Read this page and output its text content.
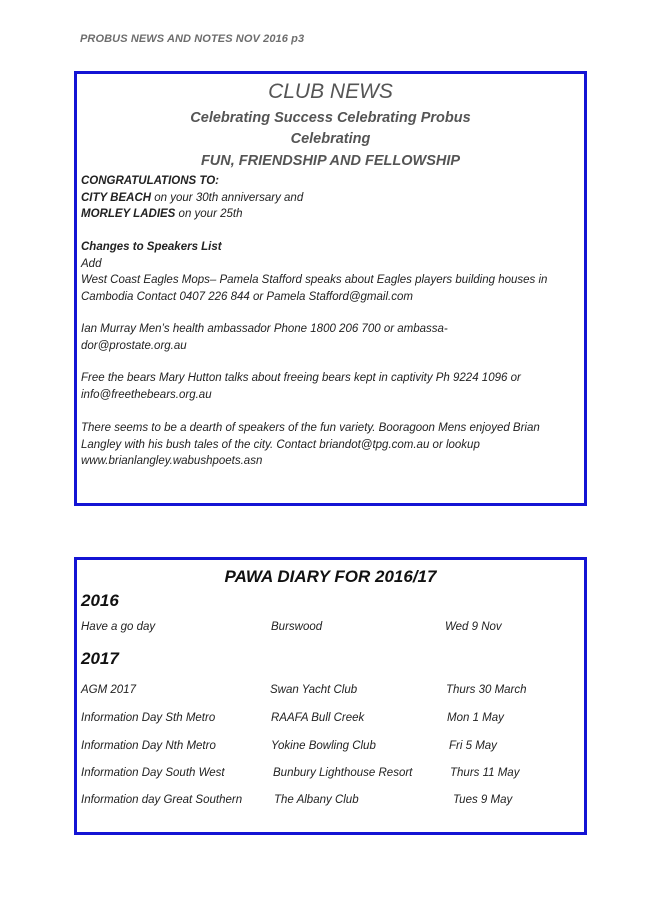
PROBUS NEWS AND NOTES NOV 2016 p3
CLUB NEWS
Celebrating Success Celebrating Probus
Celebrating
FUN, FRIENDSHIP AND FELLOWSHIP
CONGRATULATIONS TO:
CITY BEACH on your 30th anniversary and
MORLEY LADIES on your 25th
Changes to Speakers List
Add
West Coast Eagles Mops– Pamela Stafford speaks about Eagles players building houses in
Cambodia Contact 0407 226 844 or Pamela Stafford@gmail.com
Ian Murray Men’s health ambassador Phone 1800 206 700 or ambassa-
dor@prostate.org.au
Free the bears Mary Hutton talks about freeing bears kept in captivity Ph 9224 1096 or
info@freethebears.org.au
There seems to be a dearth of speakers of the fun variety. Booragoon Mens enjoyed Brian
Langley with his bush tales of the city. Contact briandot@tpg.com.au or lookup
www.brianlangley.wabushpoets.asn
PAWA DIARY FOR 2016/17
2016
Have a go day	Burswood	Wed 9 Nov
2017
AGM 2017	Swan Yacht Club	Thurs 30 March
Information Day Sth Metro	RAAFA Bull Creek	Mon 1 May
Information Day Nth Metro	Yokine Bowling Club	Fri 5 May
Information Day South West	Bunbury Lighthouse Resort	Thurs 11 May
Information day Great Southern	The Albany Club	Tues 9 May
